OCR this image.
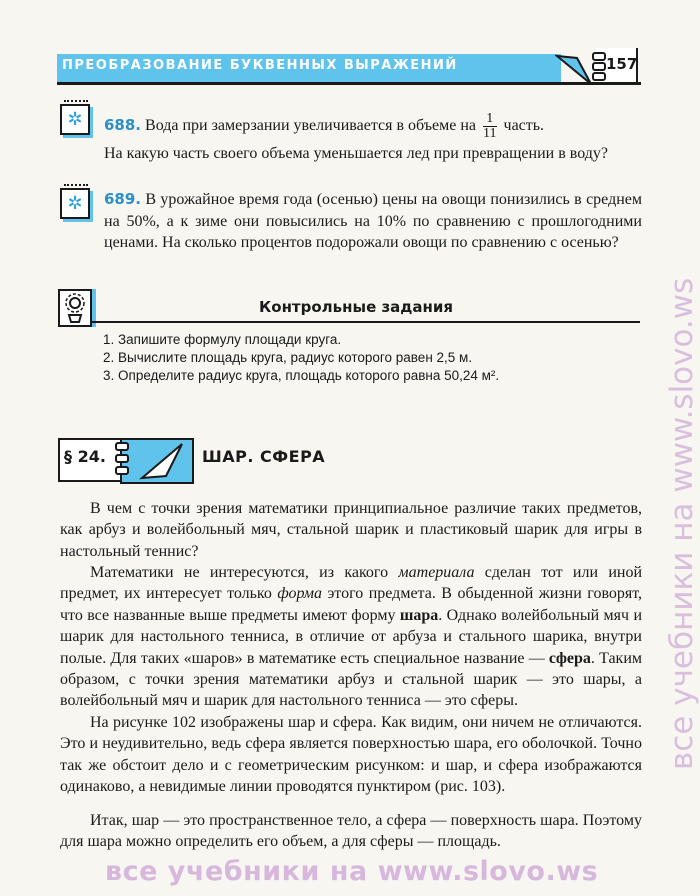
ПРЕОБРАЗОВАНИЕ БУКВЕННЫХ ВЫРАЖЕНИЙ	157
✲	688. Вода при замерзании увеличивается в объеме на $\frac{1}{11}$ часть.
На какую часть своего объема уменьшается лед при превращении в воду?
✲	689. В урожайное время года (осенью) цены на овощи понизились в среднем на 50%, а к зиме они повысились на 10% по сравнению с прошлогодними ценами. На сколько процентов подорожали овощи по сравнению с осенью?
Контрольные задания
1. Запишите формулу площади круга.
2. Вычислите площадь круга, радиус которого равен 2,5 м.
3. Определите радиус круга, площадь которого равна 50,24 м².
§ 24.	ШАР. СФЕРА
В чем с точки зрения математики принципиальное различие таких предметов, как арбуз и волейбольный мяч, стальной шарик и пластиковый шарик для игры в настольный теннис?
Математики не интересуются, из какого материала сделан тот или иной предмет, их интересует только форма этого предмета. В обыденной жизни говорят, что все названные выше предметы имеют форму шара. Однако волейбольный мяч и шарик для настольного тенниса, в отличие от арбуза и стального шарика, внутри полые. Для таких «шаров» в математике есть специальное название — сфера. Таким образом, с точки зрения математики арбуз и стальной шарик — это шары, а волейбольный мяч и шарик для настольного тенниса — это сферы.
На рисунке 102 изображены шар и сфера. Как видим, они ничем не отличаются. Это и неудивительно, ведь сфера является поверхностью шара, его оболочкой. Точно так же обстоит дело и с геометрическим рисунком: и шар, и сфера изображаются одинаково, а невидимые линии проводятся пунктиром (рис. 103).
Итак, шар — это пространственное тело, а сфера — поверхность шара. Поэтому для шара можно определить его объем, а для сферы — площадь.
все учебники на www.slovo.ws
все учебники на www.slovo.ws
